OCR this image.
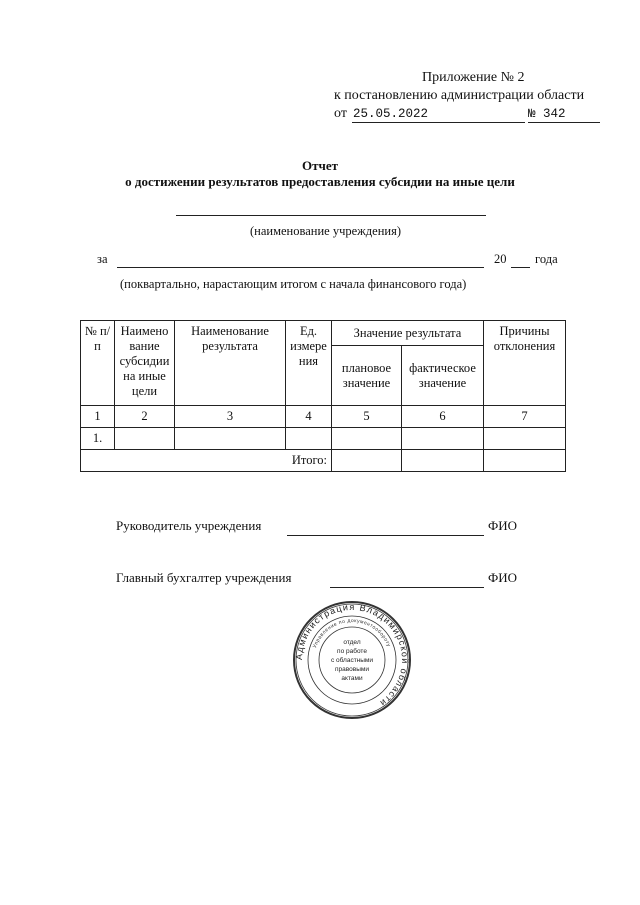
Приложение № 2
к постановлению администрации области
от 25.05.2022	№ 342
Отчет
о достижении результатов предоставления субсидии на иные цели
(наименование учреждения)
за	20 года
(поквартально, нарастающим итогом с начала финансового года)
№ п/п	Наимено вание субсидии на иные цели	Наименование результата	Ед. измере ния	Значение результата		Причины отклонения
				плановое значение	фактическое значение	
1	2	3	4	5	6	7
1.						
Итого:						
Руководитель учреждения	ФИО
Главный бухгалтер учреждения	ФИО
Администрация Владимирской области
Управление по документообороту
отдел
по работе
с областными
правовыми
актами
